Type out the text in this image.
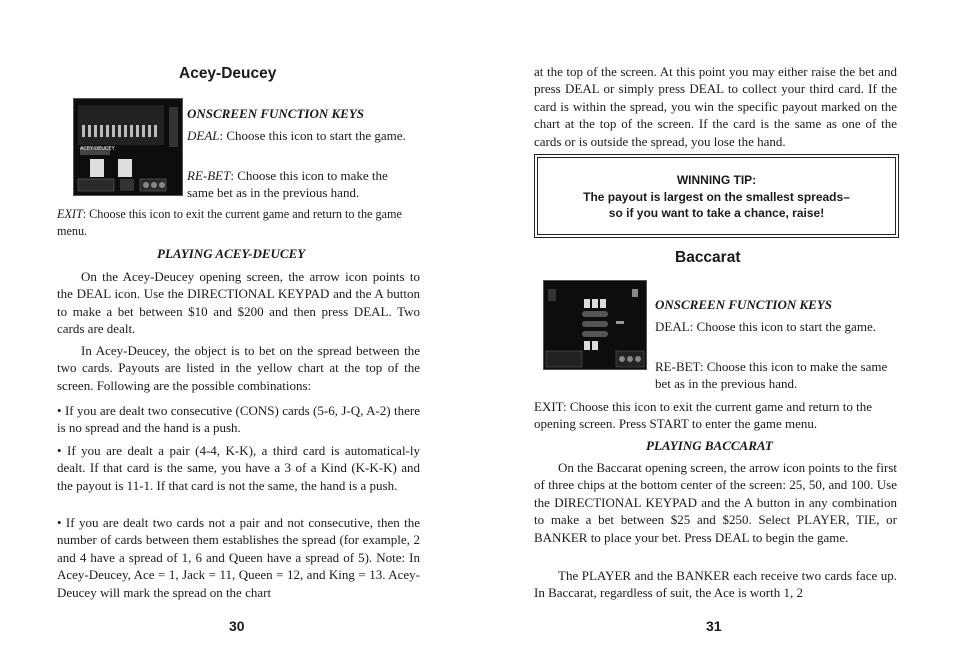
Acey-Deucey
ACEY-DEUCEY
ONSCREEN FUNCTION KEYS

DEAL: Choose this icon to start the game.

RE-BET: Choose this icon to make the same bet as in the previous hand.

EXIT: Choose this icon to exit the current game and return to the game menu.

PLAYING ACEY-DEUCEY

On the Acey-Deucey opening screen, the arrow icon points to the DEAL icon. Use the DIRECTIONAL KEYPAD and the A button to make a bet between $10 and $200 and then press DEAL. Two cards are dealt.

In Acey-Deucey, the object is to bet on the spread between the two cards. Payouts are listed in the yellow chart at the top of the screen. Following are the possible combinations:

• If you are dealt two consecutive (CONS) cards (5-6, J-Q, A-2) there is no spread and the hand is a push.

• If you are dealt a pair (4-4, K-K), a third card is automatical-ly dealt. If that card is the same, you have a 3 of a Kind (K-K-K) and the payout is 11-1. If that card is not the same, the hand is a push.

• If you are dealt two cards not a pair and not consecutive, then the number of cards between them establishes the spread (for example, 2 and 4 have a spread of 1, 6 and Queen have a spread of 5). Note: In Acey-Deucey, Ace = 1, Jack = 11, Queen = 12, and King = 13. Acey-Deucey will mark the spread on the chart

30

at the top of the screen. At this point you may either raise the bet and press DEAL or simply press DEAL to collect your third card. If the card is within the spread, you win the specific payout marked on the chart at the top of the screen. If the card is the same as one of the cards or is outside the spread, you lose the hand.

WINNING TIP:
The payout is largest on the smallest spreads–
so if you want to take a chance, raise!
Baccarat
ONSCREEN FUNCTION KEYS

DEAL: Choose this icon to start the game.

RE-BET: Choose this icon to make the same bet as in the previous hand.

EXIT: Choose this icon to exit the current game and return to the opening screen. Press START to enter the game menu.

PLAYING BACCARAT

On the Baccarat opening screen, the arrow icon points to the first of three chips at the bottom center of the screen: 25, 50, and 100. Use the DIRECTIONAL KEYPAD and the A button in any combination to make a bet between $25 and $250. Select PLAYER, TIE, or BANKER to place your bet. Press DEAL to begin the game.

The PLAYER and the BANKER each receive two cards face up. In Baccarat, regardless of suit, the Ace is worth 1, 2

31
